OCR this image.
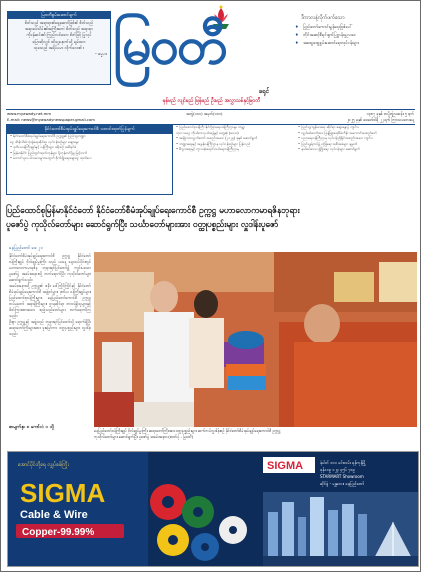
မြဝတီစွမ်းဆောင်ချက်
စိတ်သည် အရာရာ၏ရှေ့ဆောင်ဖြစ်၏ စိတ်သည်
အရာခပ်သိမ်း၏အကြီးအကဲ စိတ်သည် အရာရာ
ကိုဖန်ဆင်း၏ ကြည်လင်သော စိတ်ဖြင့် ပြုလုပ်
ပြောဆိုလျှင် ထိုသူ့နောက်သို့ ချမ်းသာ
သုခသည် အရိပ်ပမာ လိုက်လေ၏ ။
– ဓမ္မပဒ မြဝတီ
ခရုင်
မှန်မည် လျင်မည် မြန်မည် ဦးမည် အလွှာသစ်နှင့်မြဝတီ
ဒီကာလနဲ့လိုက်ဖက်သော
♦ ပြည်တော်ကောင်းမွန်ရေးဖြစ်ပေါ်
♦ ဘိုင်အဆင့်စီရင်ချက်ပြဋ္ဌာန်းမှုဥပဒေ
♦ အထွေထွေစွမ်းဆောင်ရေးလုပ်ငန်းများ
www.myawady.net.mm
E-mail: news@myawadynewspaper.gmail.com
အတွဲ(၁၀၁) အမှတ်(၁၀၁)	၁၃၈၇ ခုနှစ် တပို့တွဲလဆန်း ၅ ရက်
၂၀၂၅ ခုနှစ် ဖေဖော်ဝါရီ ၂၂ ရက် ကြာသပတေးနေ့
နိုင်ငံတော်စီမံအုပ်ချုပ်ရေးကောင်စီ သတင်းထုတ်ပြန်ချက်
• နိုင်ငံတော်စီမံအုပ်ချုပ်ရေးကောင်စီ ဥက္ကဋ္ဌ၏ ပြည်သူ့ဘဏ္ဍာ
ငွေ ထိန်းသိမ်းသုံးစွဲရေးဆိုင်ရာ လုပ်ငန်းစဉ်များ ဆွေးနွေး
• ဒုတိယဝန်ကြီးချုပ်နှင့် ဝန်ကြီးများ ခရီးစဉ် အစီရင်ခံ
• မြန်မာနိုင်ငံ ပြည်တွင်းထုတ်ကုန်များ ပို့ကုန်တင်ပို့မှု မြင့်တက်
• တောင်သူလယ်သမားများအတွက် စိုက်ပျိုးရေးချေးငွေ ထုတ်ပေး
• ပြည်ထောင်စုဝန်ကြီး နိုင်ငံခြားရေးဝန်ကြီးဌာနမှ ကမ္ဘာ့
ကုလသမဂ္ဂ ကိုယ်စားလှယ်အဖွဲ့နှင့် တွေ့ဆုံ (ဒေသ)
• အမျိုးသားလွှတ်တော် အစည်းအဝေး (၂၀၂၅) ခုနှစ် ဆောင်ရွက်
• ဘဏ္ဍာရေးနှင့် အခွန်ဝန်ကြီးဌာန လုပ်ငန်းစဉ်များ ပြန်လည်
• စီးပွားရေးနှင့် ကူးသန်းရောင်းဝယ်ရေးဝန်ကြီးဌာန
• ပြည်သူ့ကျန်းမာရေး ဆိုင်ရာ ဆွေးနွေးပွဲ ကျင်းပ
• လျှပ်စစ်ဓာတ်အား ဖြန့်ဖြူးရေးစီမံကိန်း အကောင်အထည်ဖော်
• ပညာရေးဝန်ကြီးဌာန လုပ်ငန်းညှိနှိုင်းအစည်းအဝေး ကျင်းပ
• ပြည်သူ့ရဲတပ်ဖွဲ့ လုံခြုံရေး အစီအမံများ ချမှတ်
• နယ်စပ်ဒေသ ဖွံ့ဖြိုးရေး လုပ်ငန်းများ ဆောင်ရွက်
ပြည်ထောင်စုမြန်မာနိုင်ငံတော် နိုင်ငံတော်စီမံအုပ်ချုပ်ရေးကောင်စီ ဥက္ကဋ္ဌ မဟာလောကမာရဇိနဘုရား
ပူဇော်ပွဲ ကုသိုလ်တော်များ ဆောင်ရွက်ပြီး သင်္ဃာတော်များအား ဝတ္ထုပစ္စည်းများ လှူဒါန်းပူဇော်
နေပြည်တော် ဖေ ၂၁

နိုင်ငံတော်စီမံအုပ်ချုပ်ရေးကောင်စီ ဥက္ကဋ္ဌ နိုင်ငံတော်ဝန်ကြီးချုပ် ဗိုလ်ချုပ်မှူးကြီး သည် ယနေ့ နေ့လယ်ပိုင်းတွင် မဟာလောကမာရဇိန ဘုရားရင်ပြင်တော်၌ ကျင်းပသော ပူဇော်ပွဲ အခမ်းအနားသို့ တက်ရောက်ပြီး ကုသိုလ်တော်များ ဆောင်ရွက်သည်။

အခမ်းအနားသို့ ဥက္ကဋ္ဌ၏ ဇနီး ဒေါ်ကြိုင်ကြိုင်နှင့် နိုင်ငံတော်စီမံအုပ်ချုပ်ရေးကောင်စီ အဖွဲ့ဝင်များ၊ ဒုတိယ ဝန်ကြီးချုပ်များ၊ ပြည်ထောင်စုဝန်ကြီးများ၊ နေပြည်တော်ကောင်စီ ဥက္ကဋ္ဌ၊ တပ်မတော် အရာရှိကြီးများ၊ ဌာနဆိုင်ရာ တာဝန်ရှိသူများနှင့် ဖိတ်ကြားထားသော ဧည့်သည်တော်များ တက်ရောက်ကြသည်။

ဦးစွာ ဥက္ကဋ္ဌနှင့် အဖွဲ့သည် ဘုရားရင်ပြင်တော်သို့ ရောက်ရှိပြီး ဆရာတော်ကြီးများအား ဖူးမြော်ကာ ဝတ္ထုပစ္စည်းများ လှူဒါန်းသည်။

စာမျက်နှာ ၈ ကော်လံ ၁ သို့
နေပြည်တော်ဝန်ကြီးချုပ် ဗိုလ်ချုပ်မှူးကြီး ဆရာတော်ကြီးအား ဝတ္ထုပစ္စည်းများ ဆက်ကပ်လှူဒါန်းစဉ် နိုင်ငံတော်စီမံအုပ်ချုပ်ရေးကောင်စီ ဥက္ကဋ္ဌ
ကုသိုလ်တော်များ ဆောင်ရွက်ပြီး ပူဇော်ပွဲ အခမ်းအနား (ဓာတ်ပုံ - မြဝတီ)
အောင်ပိုင်တို့ရေ လျှပ်စစ်ကြိုး
SIGMA
Cable & Wire
Copper-99.99%
SIGMA	နံပါတ် ၁၀၁ မင်းလမ်း ရန်ကုန်မြို့
ဖုန်း ၀၉ ၁၂၃ ၄၅၆ ၇၈၉
STARMART Showroom
ဆိုင်ခွဲ - မန္တလေး၊ နေပြည်တော်
